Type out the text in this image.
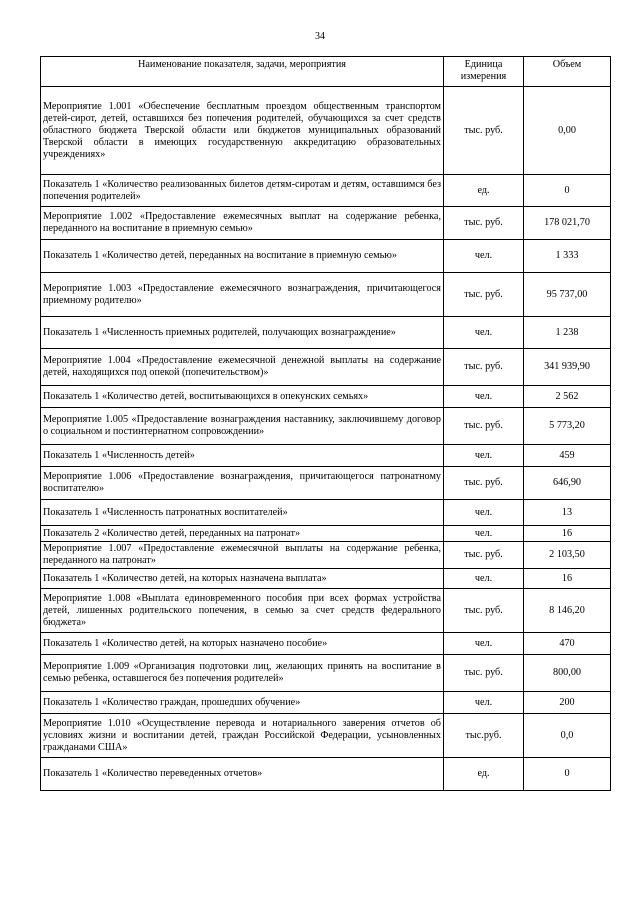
34
Наименование показателя, задачи, мероприятия	Единица измерения	Объем
Мероприятие 1.001 «Обеспечение бесплатным проездом общественным транспортом детей-сирот, детей, оставшихся без попечения родителей, обучающихся за счет средств областного бюджета Тверской области или бюджетов муниципальных образований Тверской области в имеющих государственную аккредитацию образовательных учреждениях»	тыс. руб.	0,00
Показатель 1 «Количество реализованных билетов детям-сиротам и детям, оставшимся без попечения родителей»	ед.	0
Мероприятие 1.002 «Предоставление ежемесячных выплат на содержание ребенка, переданного на воспитание в приемную семью»	тыс. руб.	178 021,70
Показатель 1 «Количество детей, переданных на воспитание в приемную семью»	чел.	1 333
Мероприятие 1.003 «Предоставление ежемесячного вознаграждения, причитающегося приемному родителю»	тыс. руб.	95 737,00
Показатель 1 «Численность приемных родителей, получающих вознаграждение»	чел.	1 238
Мероприятие 1.004 «Предоставление ежемесячной денежной выплаты на содержание детей, находящихся под опекой (попечительством)»	тыс. руб.	341 939,90
Показатель 1 «Количество детей, воспитывающихся в опекунских семьях»	чел.	2 562
Мероприятие 1.005 «Предоставление вознаграждения наставнику, заключившему договор о социальном и постинтернатном сопровождении»	тыс. руб.	5 773,20
Показатель 1 «Численность детей»	чел.	459
Мероприятие 1.006 «Предоставление вознаграждения, причитающегося патронатному воспитателю»	тыс. руб.	646,90
Показатель 1 «Численность патронатных воспитателей»	чел.	13
Показатель 2 «Количество детей, переданных на патронат»	чел.	16
Мероприятие 1.007 «Предоставление ежемесячной выплаты на содержание ребенка, переданного на патронат»	тыс. руб.	2 103,50
Показатель 1 «Количество детей, на которых назначена выплата»	чел.	16
Мероприятие 1.008 «Выплата единовременного пособия при всех формах устройства детей, лишенных родительского попечения, в семью за счет средств федерального бюджета»	тыс. руб.	8 146,20
Показатель 1 «Количество детей, на которых назначено пособие»	чел.	470
Мероприятие 1.009 «Организация подготовки лиц, желающих принять на воспитание в семью ребенка, оставшегося без попечения родителей»	тыс. руб.	800,00
Показатель 1 «Количество граждан, прошедших обучение»	чел.	200
Мероприятие 1.010 «Осуществление перевода и нотариального заверения отчетов об условиях жизни и воспитании детей, граждан Российской Федерации, усыновленных гражданами США»	тыс.руб.	0,0
Показатель 1 «Количество переведенных отчетов»	ед.	0
